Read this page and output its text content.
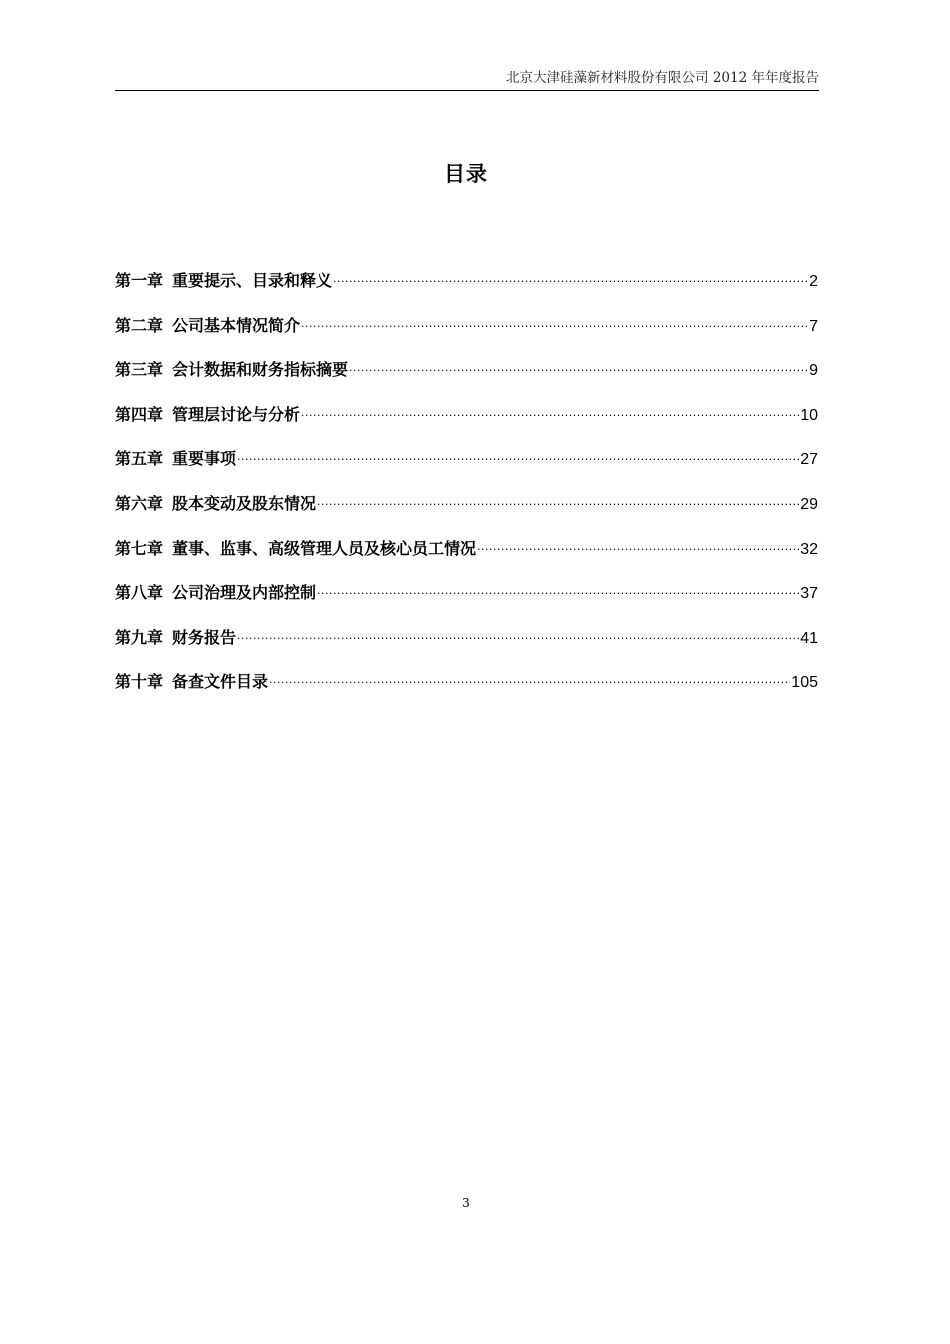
北京大津硅藻新材料股份有限公司 2012 年年度报告
目录
第一章 重要提示、目录和释义 .....	2
第二章 公司基本情况简介 .....	7
第三章 会计数据和财务指标摘要 .....	9
第四章 管理层讨论与分析 .....	10
第五章 重要事项 .....	27
第六章 股本变动及股东情况 .....	29
第七章 董事、监事、高级管理人员及核心员工情况 .....	32
第八章 公司治理及内部控制 .....	37
第九章 财务报告 .....	41
第十章 备查文件目录 .....	105
3
